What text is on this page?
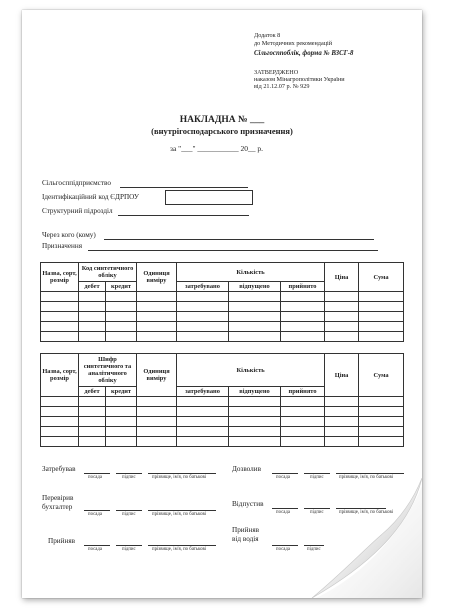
Додаток 8
до Методичних рекомендацій
Сільгосппоблік, форма № ВЗСГ-8
ЗАТВЕРДЖЕНО
наказом Мінагрополітики України
від 21.12.07 р. № 929
НАКЛАДНА № ___
(внутрігосподарського призначення)
за "___" ___________ 20__ р.
Сільгосппідприємство
Ідентифікаційний код ЄДРПОУ
Структурний підрозділ
Через кого (кому)
Призначення
Назва, сорт, розмір	Код синтетичного обліку		Одиниця виміру	Кількість			Ціна	Сума
	дебет	кредит		затребувано	відпущено	прийнято		

Назва, сорт, розмір	Шифр синтетичного та аналітичного обліку		Одиниця виміру	Кількість			Ціна	Сума
	дебет	кредит		затребувано	відпущено	прийнято		

Затребував
посада	підпис	прізвище, ім'я, по батькові
Перевірив
бухгалтер
посада	підпис	прізвище, ім'я, по батькові
Прийняв
посада	підпис	прізвище, ім'я, по батькові
Дозволив
посада	підпис	прізвище, ім'я, по батькові
Відпустив
посада	підпис	прізвище, ім'я, по батькові
Прийняв
від водія
посада	підпис
